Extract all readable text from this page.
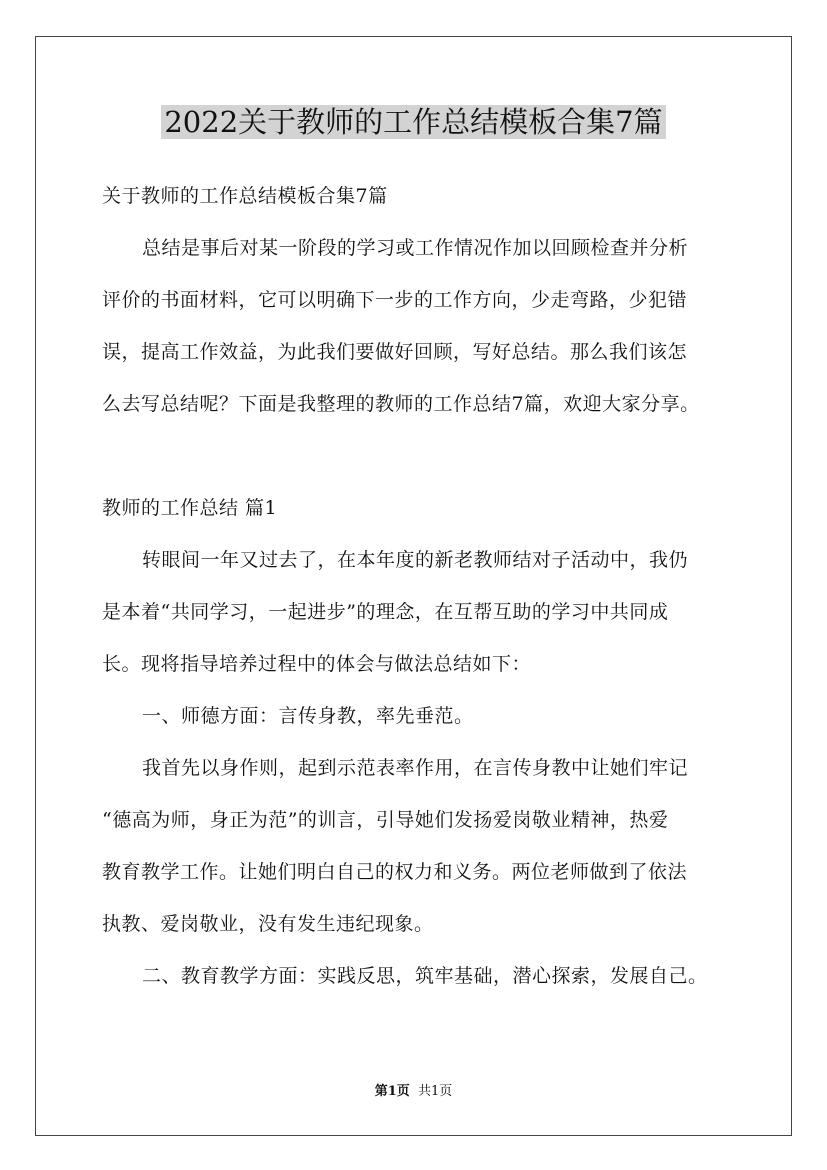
2022关于教师的工作总结模板合集7篇
关于教师的工作总结模板合集7篇
总结是事后对某一阶段的学习或工作情况作加以回顾检查并分析
评价的书面材料，它可以明确下一步的工作方向，少走弯路，少犯错
误，提高工作效益，为此我们要做好回顾，写好总结。那么我们该怎
么去写总结呢？下面是我整理的教师的工作总结7篇，欢迎大家分享。
教师的工作总结 篇1
转眼间一年又过去了，在本年度的新老教师结对子活动中，我仍
是本着“共同学习，一起进步”的理念，在互帮互助的学习中共同成
长。现将指导培养过程中的体会与做法总结如下：
一、师德方面：言传身教，率先垂范。
我首先以身作则，起到示范表率作用，在言传身教中让她们牢记
“德高为师，身正为范”的训言，引导她们发扬爱岗敬业精神，热爱
教育教学工作。让她们明白自己的权力和义务。两位老师做到了依法
执教、爱岗敬业，没有发生违纪现象。
二、教育教学方面：实践反思，筑牢基础，潜心探索，发展自己。
第1页 共1页
